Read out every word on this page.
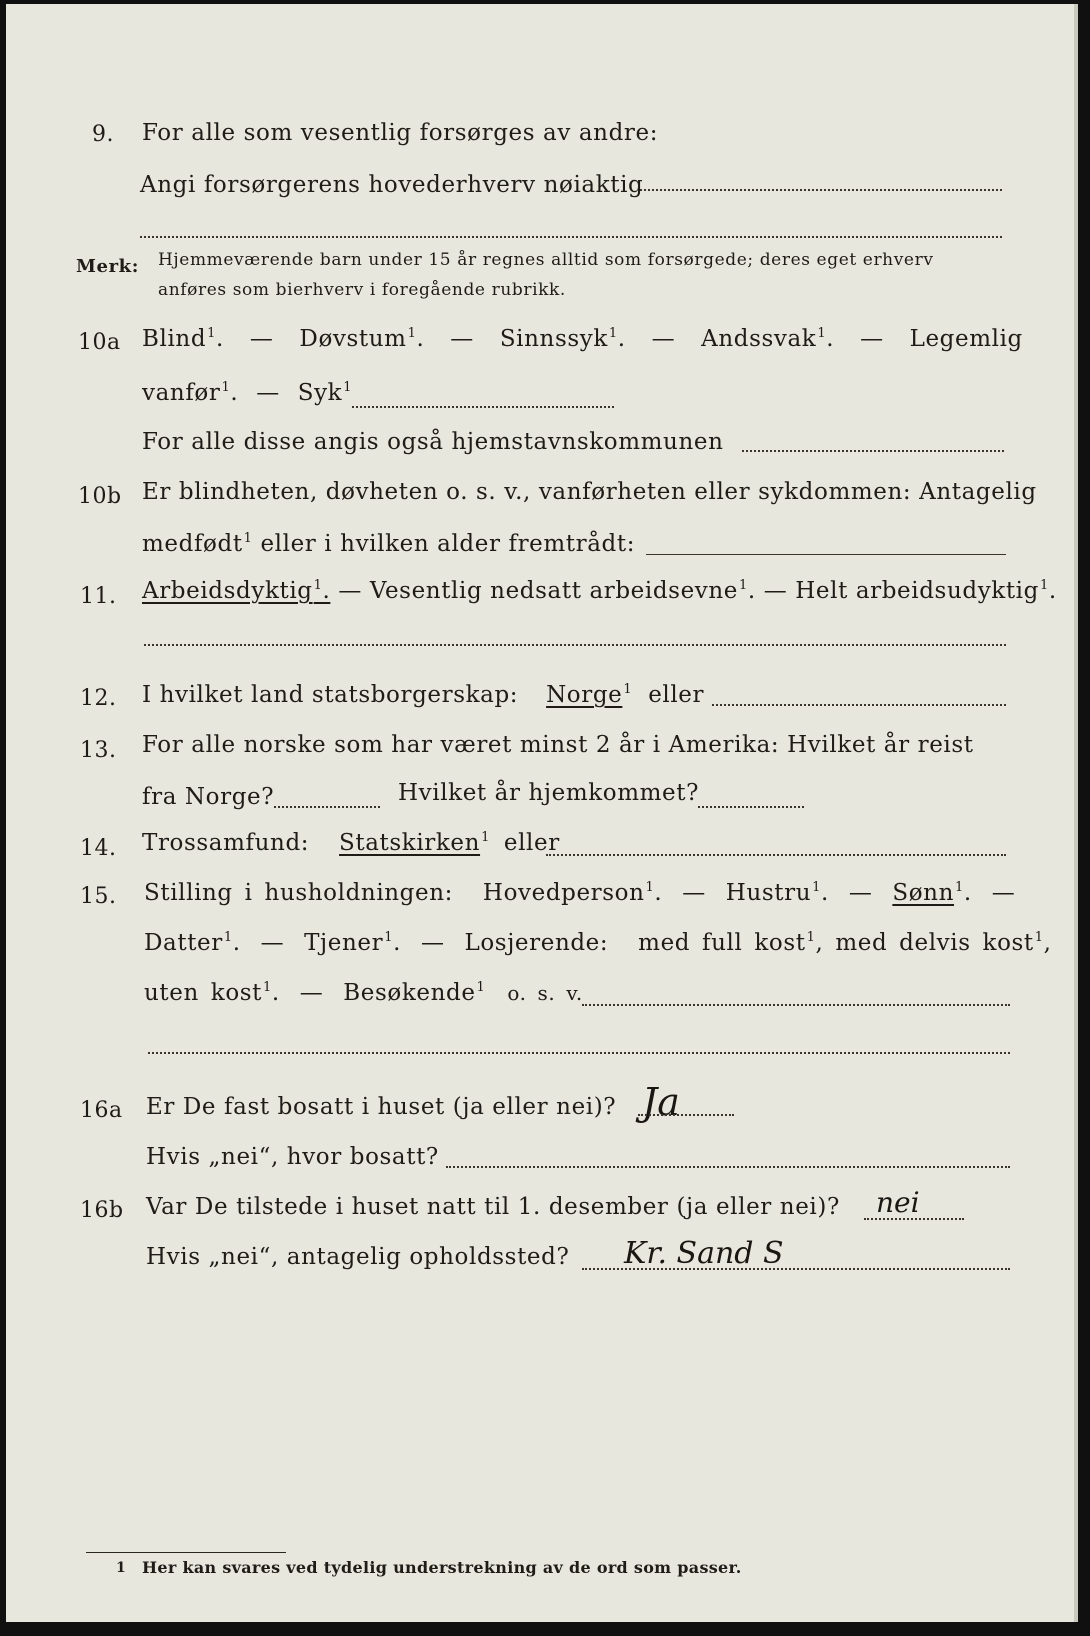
9. For alle som vesentlig forsørges av andre:
Angi forsørgerens hovederhverv nøiaktig
Merk: Hjemmeværende barn under 15 år regnes alltid som forsørgede; deres eget erhverv
anføres som bierhverv i foregående rubrikk.
10a Blind$^1$. — Døvstum$^1$. — Sinnssyk$^1$. — Andssvak$^1$. — Legemlig
vanfør$^1$. — Syk$^1$
For alle disse angis også hjemstavnskommunen
10b Er blindheten, døvheten o. s. v., vanførheten eller sykdommen: Antagelig
medfødt$^1$ eller i hvilken alder fremtrådt:
11. Arbeidsdyktig$^1$. — Vesentlig nedsatt arbeidsevne$^1$. — Helt arbeidsudyktig$^1$.
12. I hvilket land statsborgerskap: Norge$^1$ eller
13. For alle norske som har været minst 2 år i Amerika: Hvilket år reist
fra Norge?	Hvilket år hjemkommet?
14. Trossamfund: Statskirken$^1$ eller
15. Stilling i husholdningen: Hovedperson$^1$. — Hustru$^1$. — Sønn$^1$. —
Datter$^1$. — Tjener$^1$. — Losjerende: med full kost$^1$, med delvis kost$^1$,
uten kost$^1$. — Besøkende$^1$ o. s. v.
16a Er De fast bosatt i huset (ja eller nei)? Ja
Hvis „nei“, hvor bosatt?
16b Var De tilstede i huset natt til 1. desember (ja eller nei)? nei
Hvis „nei“, antagelig opholdssted? Kr. Sand S
1 Her kan svares ved tydelig understrekning av de ord som passer.
